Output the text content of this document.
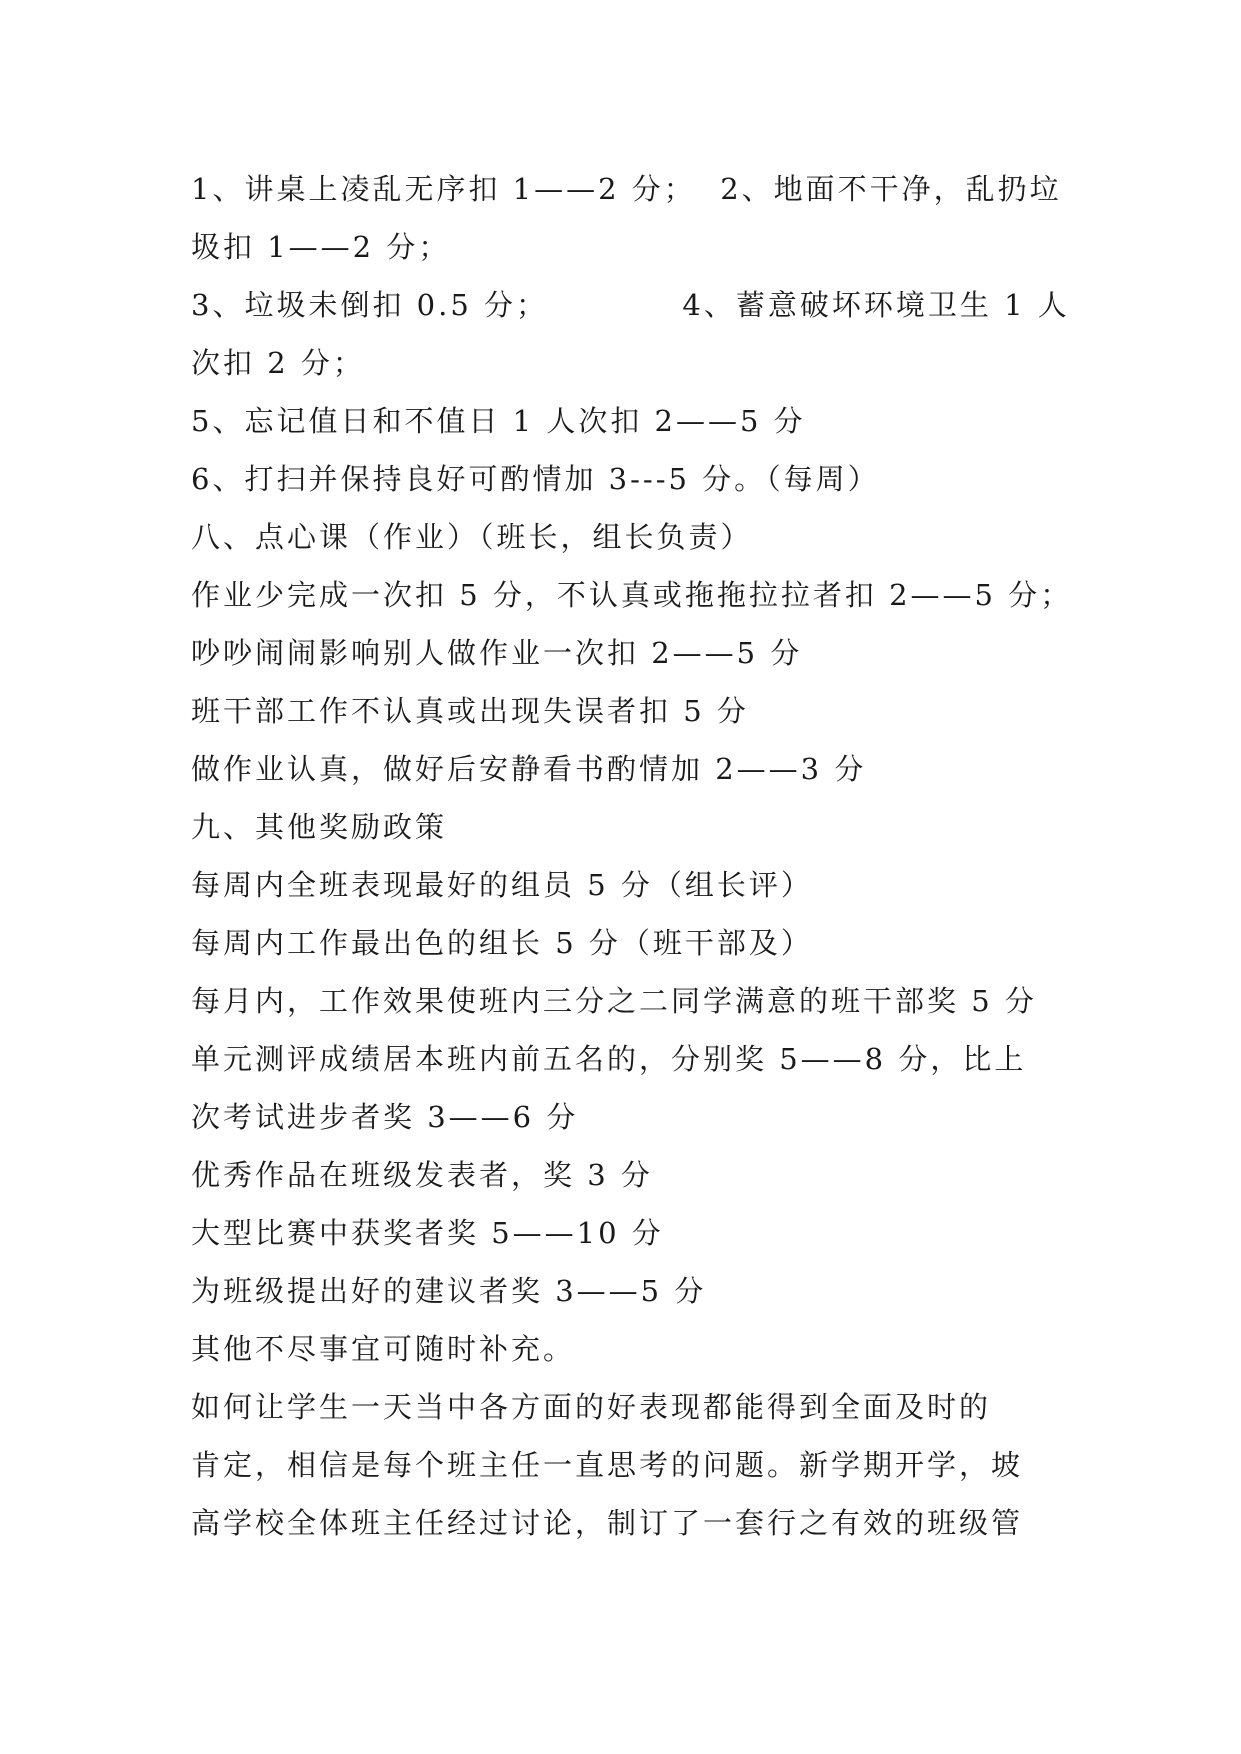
1、讲桌上凌乱无序扣 1——2 分；  2、地面不干净，乱扔垃
圾扣 1——2 分；
3、垃圾未倒扣 0.5 分；           4、蓄意破坏环境卫生 1 人
次扣 2 分；
5、忘记值日和不值日 1 人次扣 2——5 分
6、打扫并保持良好可酌情加 3---5 分。（每周）
八、点心课（作业）（班长，组长负责）
作业少完成一次扣 5 分，不认真或拖拖拉拉者扣 2——5 分；
吵吵闹闹影响别人做作业一次扣 2——5 分
班干部工作不认真或出现失误者扣 5 分
做作业认真，做好后安静看书酌情加 2——3 分
九、其他奖励政策
每周内全班表现最好的组员 5 分（组长评）
每周内工作最出色的组长 5 分（班干部及）
每月内，工作效果使班内三分之二同学满意的班干部奖 5 分
单元测评成绩居本班内前五名的，分别奖 5——8 分，比上
次考试进步者奖 3——6 分
优秀作品在班级发表者，奖 3 分
大型比赛中获奖者奖 5——10 分
为班级提出好的建议者奖 3——5 分
其他不尽事宜可随时补充。
如何让学生一天当中各方面的好表现都能得到全面及时的
肯定，相信是每个班主任一直思考的问题。新学期开学，坡
高学校全体班主任经过讨论，制订了一套行之有效的班级管
